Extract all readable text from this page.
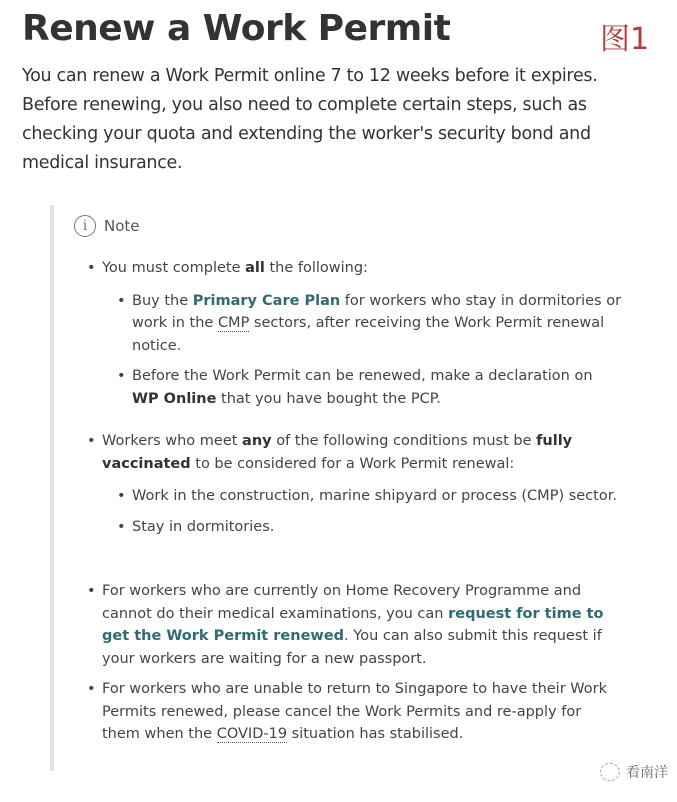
Renew a Work Permit	图1

You can renew a Work Permit online 7 to 12 weeks before it expires. Before renewing, you also need to complete certain steps, such as checking your quota and extending the worker's security bond and medical insurance.

i	Note
• You must complete all the following:
• Buy the Primary Care Plan for workers who stay in dormitories or work in the CMP sectors, after receiving the Work Permit renewal notice.
• Before the Work Permit can be renewed, make a declaration on WP Online that you have bought the PCP.
• Workers who meet any of the following conditions must be fully vaccinated to be considered for a Work Permit renewal:
• Work in the construction, marine shipyard or process (CMP) sector.
• Stay in dormitories.
• For workers who are currently on Home Recovery Programme and cannot do their medical examinations, you can request for time to get the Work Permit renewed. You can also submit this request if your workers are waiting for a new passport.
• For workers who are unable to return to Singapore to have their Work Permits renewed, please cancel the Work Permits and re-apply for them when the COVID-19 situation has stabilised.
看南洋
